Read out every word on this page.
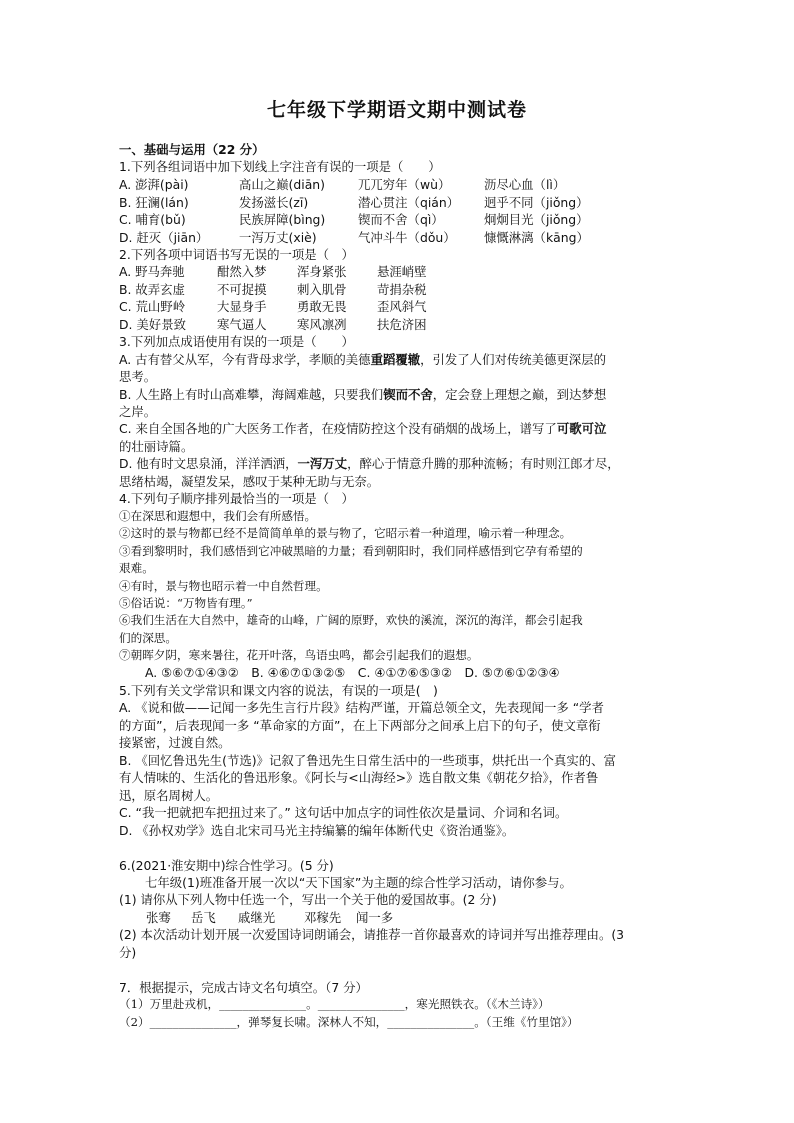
七年级下学期语文期中测试卷
一、基础与运用（22 分）
1.下列各组词语中加下划线上字注音有误的一项是（　　）
A. 澎湃(pài)	高山之巅(diān)	兀兀穷年（wù）	沥尽心血（lì）
B. 狂澜(lán)	发扬滋长(zī)	潜心贯注（qián） 迥乎不同（jiǒng）
C. 哺育(bǔ)	民族屏障(bìng)	锲而不舍（qì）	炯炯目光（jiǒng）
D. 赶灭（jiān） 一泻万丈(xiè)	气冲斗牛（dǒu） 慷慨淋漓（kāng）
2.下列各项中词语书写无误的一项是（　）
A. 野马奔驰	酣然入梦 浑身紧张 悬涯峭壁
B. 故弄玄虚	不可捉摸 刺入肌骨 苛捐杂税
C. 荒山野岭	大显身手 勇敢无畏 歪风斜气
D. 美好景致	寒气逼人 寒风凛冽 扶危济困
3.下列加点成语使用有误的一项是（　　）
A. 古有替父从军，今有背母求学，孝顺的美德重蹈覆辙，引发了人们对传统美德更深层的
思考。
B. 人生路上有时山高难攀，海阔难越，只要我们锲而不舍，定会登上理想之巅，到达梦想
之岸。
C. 来自全国各地的广大医务工作者，在疫情防控这个没有硝烟的战场上，谱写了可歌可泣
的壮丽诗篇。
D. 他有时文思泉涌，洋洋洒洒，一泻万丈，醉心于情意升腾的那种流畅；有时则江郎才尽，
思绪枯竭，凝望发呆，感叹于某种无助与无奈。
4.下列句子顺序排列最恰当的一项是（　）
①在深思和遐想中，我们会有所感悟。
②这时的景与物都已经不是简简单单的景与物了，它昭示着一种道理，喻示着一种理念。
③看到黎明时，我们感悟到它冲破黑暗的力量；看到朝阳时，我们同样感悟到它孕有希望的
艰难。
④有时，景与物也昭示着一中自然哲理。
⑤俗话说：“万物皆有理。”
⑥我们生活在大自然中，雄奇的山峰，广阔的原野，欢快的溪流，深沉的海洋，都会引起我
们的深思。
⑦朝晖夕阴，寒来暑往，花开叶落，鸟语虫鸣，都会引起我们的遐想。
A. ⑤⑥⑦①④③②　B. ④⑥⑦①③②⑤　C. ④①⑦⑥⑤③②　D. ⑤⑦⑥①②③④
5.下列有关文学常识和课文内容的说法，有误的一项是(　)
A. 《说和做——记闻一多先生言行片段》结构严谨，开篇总领全文，先表现闻一多 “学者
的方面”，后表现闻一多 “革命家的方面”，在上下两部分之间承上启下的句子，使文章衔
接紧密，过渡自然。
B. 《回忆鲁迅先生(节选)》记叙了鲁迅先生日常生活中的一些琐事，烘托出一个真实的、富
有人情味的、生活化的鲁迅形象。《阿长与<山海经>》选自散文集《朝花夕拾》，作者鲁
迅，原名周树人。
C. “我一把就把车把扭过来了。” 这句话中加点字的词性依次是量词、介词和名词。
D. 《孙权劝学》选自北宋司马光主持编纂的编年体断代史《资治通鉴》。
6.(2021·淮安期中)综合性学习。(5 分)
七年级(1)班准备开展一次以“天下国家”为主题的综合性学习活动，请你参与。
(1) 请你从下列人物中任选一个，写出一个关于他的爱国故事。(2 分)
张骞 岳飞 戚继光 邓稼先 闻一多
(2) 本次活动计划开展一次爱国诗词朗诵会，请推荐一首你最喜欢的诗词并写出推荐理由。(3
分)
7．根据提示，完成古诗文名句填空。（7 分）
（1）万里赴戎机，_______________。_______________，寒光照铁衣。（《木兰诗》）
（2）_______________，弹琴复长啸。深林人不知，_______________。（王维《竹里馆》）
